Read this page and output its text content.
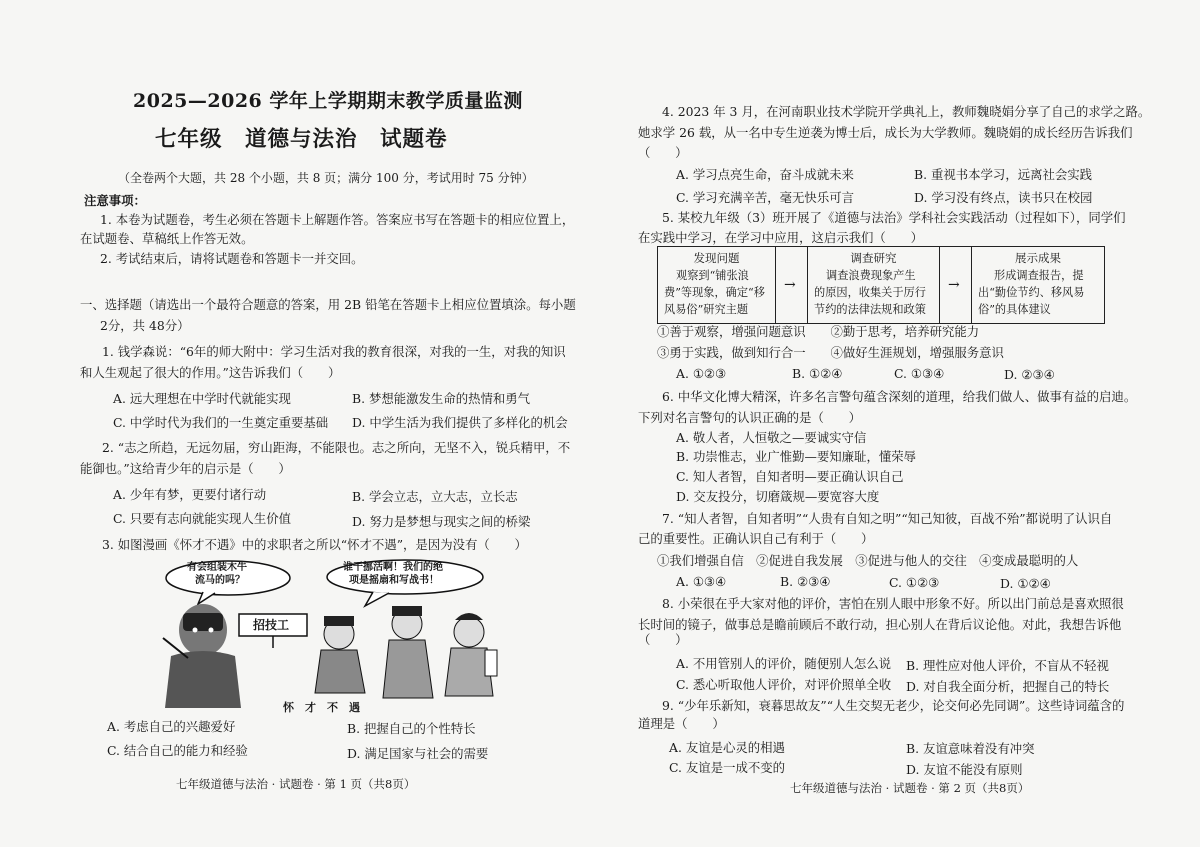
2025—2026 学年上学期期末教学质量监测
七年级　道德与法治　试题卷
（全卷两个大题，共 28 个小题，共 8 页；满分 100 分，考试用时 75 分钟）
注意事项：
1. 本卷为试题卷，考生必须在答题卡上解题作答。答案应书写在答题卡的相应位置上，
在试题卷、草稿纸上作答无效。
2. 考试结束后，请将试题卷和答题卡一并交回。
一、选择题（请选出一个最符合题意的答案，用 2B 铅笔在答题卡上相应位置填涂。每小题
2分，共 48分）
1. 钱学森说：“6年的师大附中：学习生活对我的教育很深，对我的一生，对我的知识
和人生观起了很大的作用。”这告诉我们（　　）
A. 远大理想在中学时代就能实现	B. 梦想能激发生命的热情和勇气
C. 中学时代为我们的一生奠定重要基础 D. 中学生活为我们提供了多样化的机会
2. “志之所趋，无远勿届，穷山距海，不能限也。志之所向，无坚不入，锐兵精甲，不
能御也。”这给青少年的启示是（　　）
A. 少年有梦，更要付诸行动	B. 学会立志，立大志，立长志
C. 只要有志向就能实现人生价值	D. 努力是梦想与现实之间的桥梁
3. 如图漫画《怀才不遇》中的求职者之所以“怀才不遇”，是因为没有（　　）
有会组装木牛
流马的吗？
招技工
谁干挪活啊！我们的绝
项是摇扇和写战书！
怀　才　不　遇
A. 考虑自己的兴趣爱好	B. 把握自己的个性特长
C. 结合自己的能力和经验	D. 满足国家与社会的需要
七年级道德与法治 · 试题卷 · 第 1 页（共8页）
4. 2023 年 3 月，在河南职业技术学院开学典礼上，教师魏晓娟分享了自己的求学之路。
她求学 26 载，从一名中专生逆袭为博士后，成长为大学教师。魏晓娟的成长经历告诉我们
（　　）
A. 学习点亮生命，奋斗成就未来	B. 重视书本学习，远离社会实践
C. 学习充满辛苦，毫无快乐可言	D. 学习没有终点，读书只在校园
5. 某校九年级（3）班开展了《道德与法治》学科社会实践活动（过程如下），同学们
在实践中学习，在学习中应用，这启示我们（　　）
发现问题
观察到“铺张浪
费”等现象，确定“移
风易俗”研究主题
→
调查研究
调查浪费现象产生
的原因，收集关于厉行
节约的法律法规和政策
→
展示成果
形成调查报告，提
出“勤俭节约、移风易
俗”的具体建议
①善于观察，增强问题意识　　②勤于思考，培养研究能力
③勇于实践，做到知行合一　　④做好生涯规划，增强服务意识
A. ①②③	B. ①②④	C. ①③④	D. ②③④
6. 中华文化博大精深，许多名言警句蕴含深刻的道理，给我们做人、做事有益的启迪。
下列对名言警句的认识正确的是（　　）
A. 敬人者，人恒敬之—要诚实守信
B. 功崇惟志，业广惟勤—要知廉耻，懂荣辱
C. 知人者智，自知者明—要正确认识自己
D. 交友投分，切磨箴规—要宽容大度
7. “知人者智，自知者明”“人贵有自知之明”“知己知彼，百战不殆”都说明了认识自
己的重要性。正确认识自己有利于（　　）
①我们增强自信　②促进自我发展　③促进与他人的交往　④变成最聪明的人
A. ①③④	B. ②③④	C. ①②③	D. ①②④
8. 小荣很在乎大家对他的评价，害怕在别人眼中形象不好。所以出门前总是喜欢照很
长时间的镜子，做事总是瞻前顾后不敢行动，担心别人在背后议论他。对此，我想告诉他
（　　）
A. 不用管别人的评价，随便别人怎么说 B. 理性应对他人评价，不盲从不轻视
C. 悉心听取他人评价，对评价照单全收 D. 对自我全面分析，把握自己的特长
9. “少年乐新知，衰暮思故友”“人生交契无老少，论交何必先同调”。这些诗词蕴含的
道理是（　　）
A. 友谊是心灵的相遇	B. 友谊意味着没有冲突
C. 友谊是一成不变的	D. 友谊不能没有原则
七年级道德与法治 · 试题卷 · 第 2 页（共8页）
